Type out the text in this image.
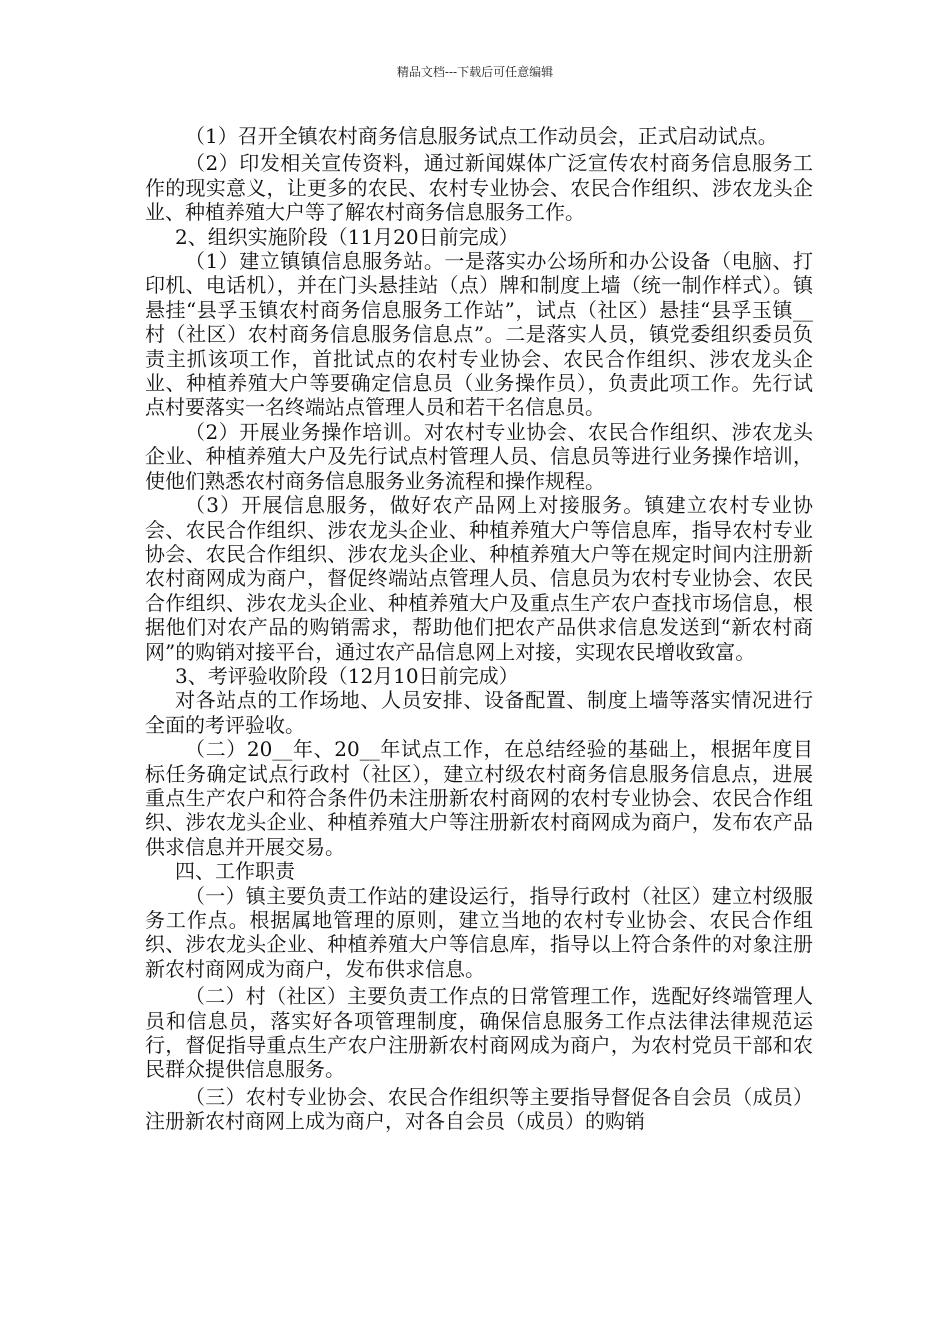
精品文档---下载后可任意编辑

（1）召开全镇农村商务信息服务试点工作动员会，正式启动试点。

（2）印发相关宣传资料，通过新闻媒体广泛宣传农村商务信息服务工作的现实意义，让更多的农民、农村专业协会、农民合作组织、涉农龙头企业、种植养殖大户等了解农村商务信息服务工作。

2、组织实施阶段（11月20日前完成）

（1）建立镇镇信息服务站。一是落实办公场所和办公设备（电脑、打印机、电话机），并在门头悬挂站（点）牌和制度上墙（统一制作样式）。镇悬挂“县孚玉镇农村商务信息服务工作站”，试点（社区）悬挂“县孚玉镇__村（社区）农村商务信息服务信息点”。二是落实人员，镇党委组织委员负责主抓该项工作，首批试点的农村专业协会、农民合作组织、涉农龙头企业、种植养殖大户等要确定信息员（业务操作员），负责此项工作。先行试点村要落实一名终端站点管理人员和若干名信息员。

（2）开展业务操作培训。对农村专业协会、农民合作组织、涉农龙头企业、种植养殖大户及先行试点村管理人员、信息员等进行业务操作培训，使他们熟悉农村商务信息服务业务流程和操作规程。

（3）开展信息服务，做好农产品网上对接服务。镇建立农村专业协会、农民合作组织、涉农龙头企业、种植养殖大户等信息库，指导农村专业协会、农民合作组织、涉农龙头企业、种植养殖大户等在规定时间内注册新农村商网成为商户，督促终端站点管理人员、信息员为农村专业协会、农民合作组织、涉农龙头企业、种植养殖大户及重点生产农户查找市场信息，根据他们对农产品的购销需求，帮助他们把农产品供求信息发送到“新农村商网”的购销对接平台，通过农产品信息网上对接，实现农民增收致富。

3、考评验收阶段（12月10日前完成）

对各站点的工作场地、人员安排、设备配置、制度上墙等落实情况进行全面的考评验收。

（二）20__年、20__年试点工作，在总结经验的基础上，根据年度目标任务确定试点行政村（社区），建立村级农村商务信息服务信息点，进展重点生产农户和符合条件仍未注册新农村商网的农村专业协会、农民合作组织、涉农龙头企业、种植养殖大户等注册新农村商网成为商户，发布农产品供求信息并开展交易。

四、工作职责

（一）镇主要负责工作站的建设运行，指导行政村（社区）建立村级服务工作点。根据属地管理的原则，建立当地的农村专业协会、农民合作组织、涉农龙头企业、种植养殖大户等信息库，指导以上符合条件的对象注册新农村商网成为商户，发布供求信息。

（二）村（社区）主要负责工作点的日常管理工作，选配好终端管理人员和信息员，落实好各项管理制度，确保信息服务工作点法律法律规范运行，督促指导重点生产农户注册新农村商网成为商户，为农村党员干部和农民群众提供信息服务。

（三）农村专业协会、农民合作组织等主要指导督促各自会员（成员）注册新农村商网上成为商户，对各自会员（成员）的购销
